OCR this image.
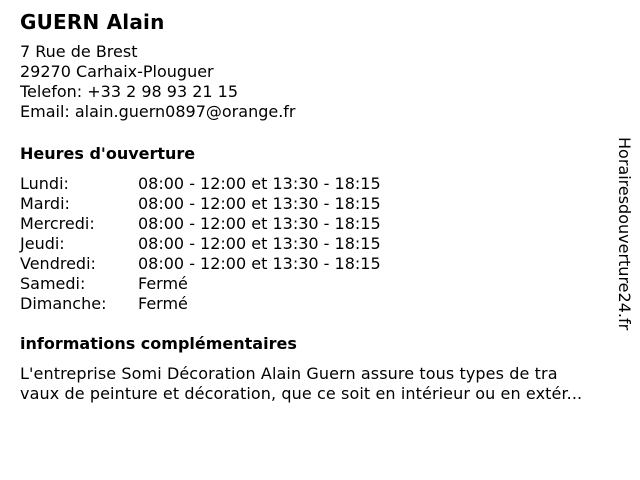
GUERN Alain
7 Rue de Brest
29270 Carhaix-Plouguer
Telefon: +33 2 98 93 21 15
Email: alain.guern0897@orange.fr
Heures d'ouverture
Lundi:	08:00 - 12:00 et 13:30 - 18:15
Mardi:	08:00 - 12:00 et 13:30 - 18:15
Mercredi:	08:00 - 12:00 et 13:30 - 18:15
Jeudi:	08:00 - 12:00 et 13:30 - 18:15
Vendredi:	08:00 - 12:00 et 13:30 - 18:15
Samedi:	Fermé
Dimanche:	Fermé
informations complémentaires
L'entreprise Somi Décoration Alain Guern assure tous types de tra
vaux de peinture et décoration, que ce soit en intérieur ou en extér...
Horairesdouverture24.fr
